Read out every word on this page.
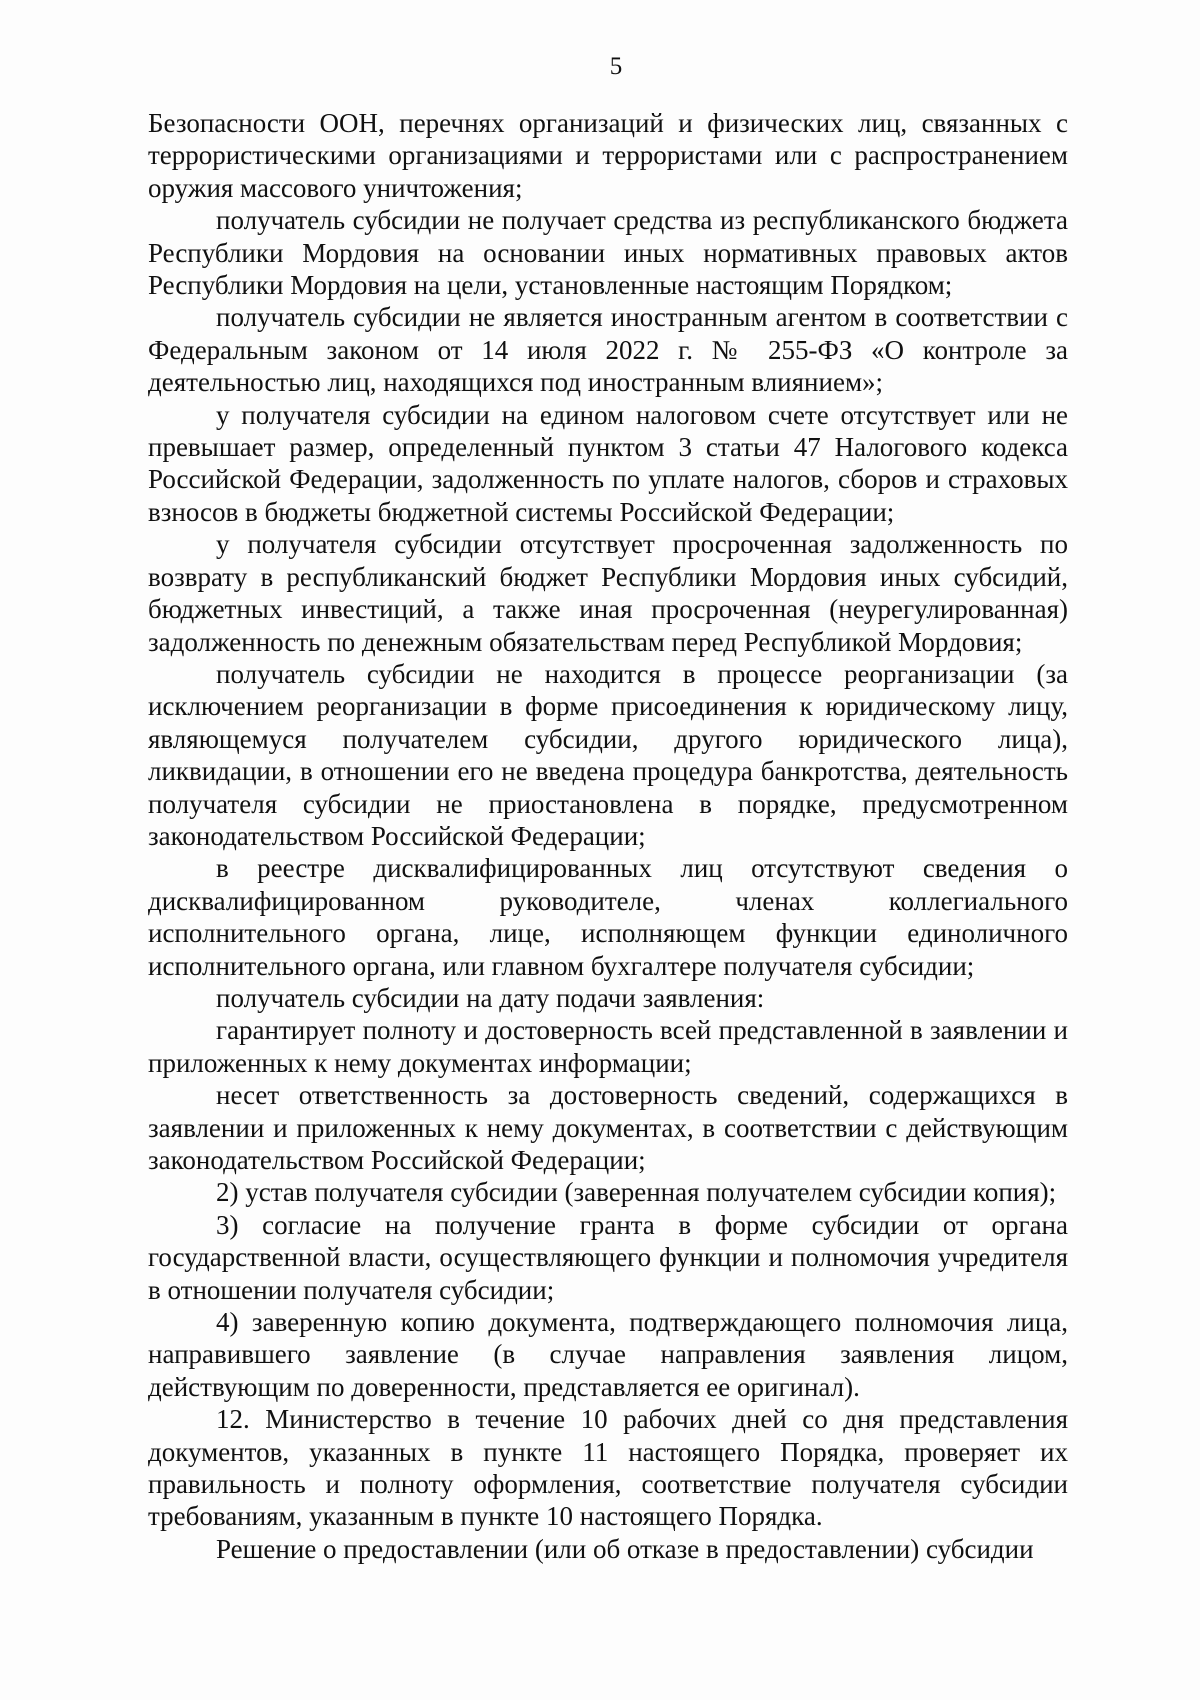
5

Безопасности ООН, перечнях организаций и физических лиц, связанных с террористическими организациями и террористами или с распространением оружия массового уничтожения;

получатель субсидии не получает средства из республиканского бюджета Республики Мордовия на основании иных нормативных правовых актов Республики Мордовия на цели, установленные настоящим Порядком;

получатель субсидии не является иностранным агентом в соответствии с Федеральным законом от 14 июля 2022 г. № 255-ФЗ «О контроле за деятельностью лиц, находящихся под иностранным влиянием»;

у получателя субсидии на едином налоговом счете отсутствует или не превышает размер, определенный пунктом 3 статьи 47 Налогового кодекса Российской Федерации, задолженность по уплате налогов, сборов и страховых взносов в бюджеты бюджетной системы Российской Федерации;

у получателя субсидии отсутствует просроченная задолженность по возврату в республиканский бюджет Республики Мордовия иных субсидий, бюджетных инвестиций, а также иная просроченная (неурегулированная) задолженность по денежным обязательствам перед Республикой Мордовия;

получатель субсидии не находится в процессе реорганизации (за исключением реорганизации в форме присоединения к юридическому лицу, являющемуся получателем субсидии, другого юридического лица), ликвидации, в отношении его не введена процедура банкротства, деятельность получателя субсидии не приостановлена в порядке, предусмотренном законодательством Российской Федерации;

в реестре дисквалифицированных лиц отсутствуют сведения о дисквалифицированном руководителе, членах коллегиального исполнительного органа, лице, исполняющем функции единоличного исполнительного органа, или главном бухгалтере получателя субсидии;

получатель субсидии на дату подачи заявления:

гарантирует полноту и достоверность всей представленной в заявлении и приложенных к нему документах информации;

несет ответственность за достоверность сведений, содержащихся в заявлении и приложенных к нему документах, в соответствии с действующим законодательством Российской Федерации;

2) устав получателя субсидии (заверенная получателем субсидии копия);

3) согласие на получение гранта в форме субсидии от органа государственной власти, осуществляющего функции и полномочия учредителя в отношении получателя субсидии;

4) заверенную копию документа, подтверждающего полномочия лица, направившего заявление (в случае направления заявления лицом, действующим по доверенности, представляется ее оригинал).

12. Министерство в течение 10 рабочих дней со дня представления документов, указанных в пункте 11 настоящего Порядка, проверяет их правильность и полноту оформления, соответствие получателя субсидии требованиям, указанным в пункте 10 настоящего Порядка.

Решение о предоставлении (или об отказе в предоставлении) субсидии
